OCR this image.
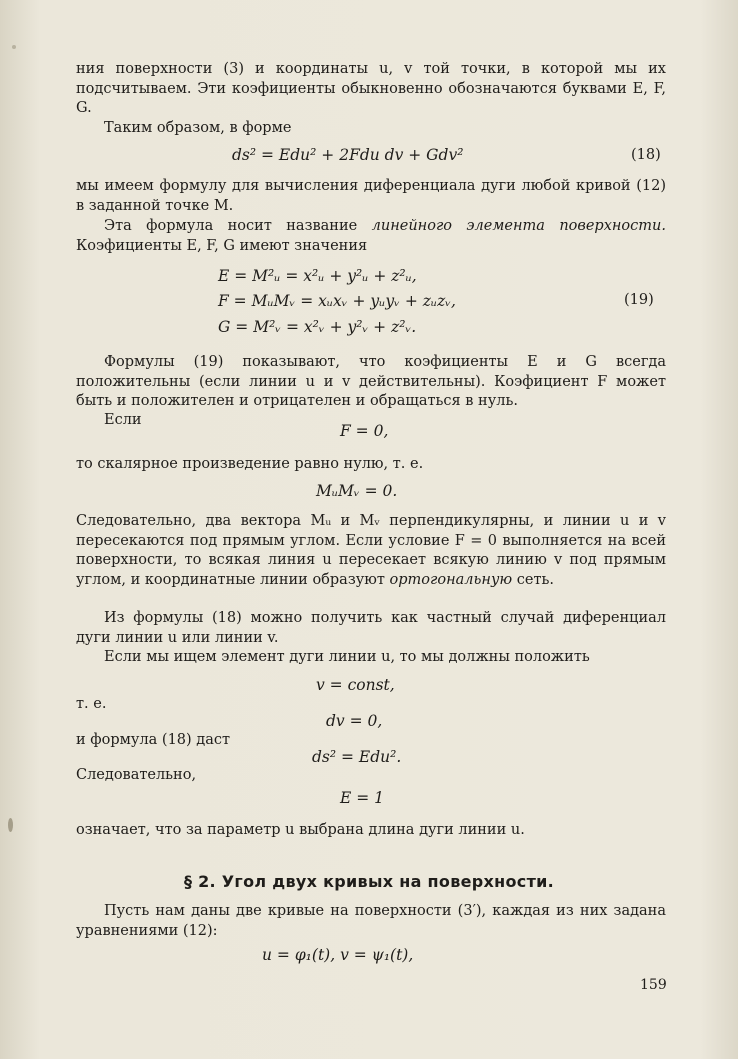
ния поверхности (3) и координаты u, v той точки, в которой мы их подсчитываем. Эти коэфициенты обыкновенно обозначаются буквами E, F, G.
Таким образом, в форме
ds² = Edu² + 2Fdu dv + Gdv²	(18)
мы имеем формулу для вычисления диференциала дуги любой кривой (12) в заданной точке M.
Эта формула носит название линейного элемента поверхности. Коэфициенты E, F, G имеют значения
E = M²ᵤ = x²ᵤ + y²ᵤ + z²ᵤ,
F = MᵤMᵥ = xᵤxᵥ + yᵤyᵥ + zᵤzᵥ,
G = M²ᵥ = x²ᵥ + y²ᵥ + z²ᵥ.
(19)
Формулы (19) показывают, что коэфициенты E и G всегда положительны (если линии u и v действительны). Коэфициент F может быть и положителен и отрицателен и обращаться в нуль.
Если
F = 0,
то скалярное произведение равно нулю, т. е.
MᵤMᵥ = 0.
Следовательно, два вектора Mᵤ и Mᵥ перпендикулярны, и линии u и v пересекаются под прямым углом. Если условие F = 0 выполняется на всей поверхности, то всякая линия u пересекает всякую линию v под прямым углом, и координатные линии образуют ортогональную сеть.
Из формулы (18) можно получить как частный случай диференциал дуги линии u или линии v.
Если мы ищем элемент дуги линии u, то мы должны положить
v = const,
т. е.
dv = 0,
и формула (18) даст
ds² = Edu².
Следовательно,
E = 1
означает, что за параметр u выбрана длина дуги линии u.
§ 2. Угол двух кривых на поверхности.
Пусть нам даны две кривые на поверхности (3′), каждая из них задана уравнениями (12):
u = φ₁(t), v = ψ₁(t),
159
